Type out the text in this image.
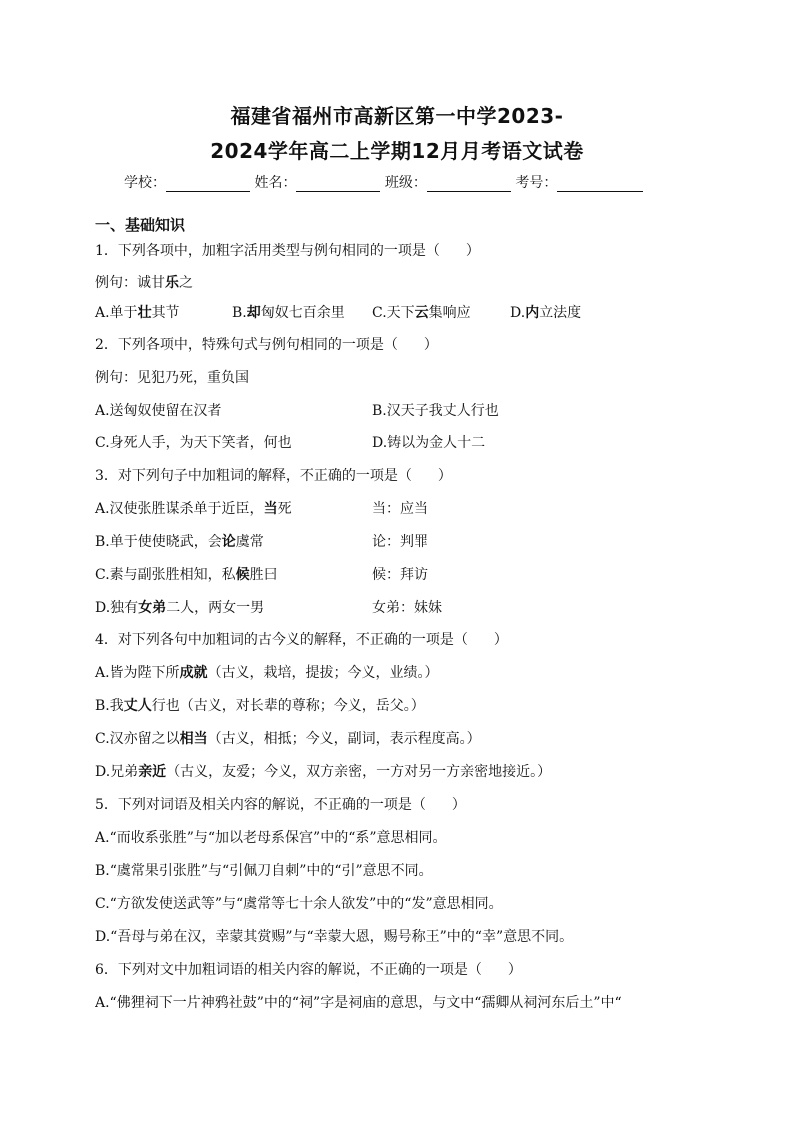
福建省福州市高新区第一中学2023-
2024学年高二上学期12月月考语文试卷
学校：	姓名：	班级：	考号：
一、基础知识
1．下列各项中，加粗字活用类型与例句相同的一项是（ ）
例句：诚甘乐之
A.单于壮其节	B.却匈奴七百余里 C.天下云集响应	D.内立法度
2．下列各项中，特殊句式与例句相同的一项是（ ）
例句：见犯乃死，重负国
A.送匈奴使留在汉者	B.汉天子我丈人行也
C.身死人手，为天下笑者，何也	D.铸以为金人十二
3．对下列句子中加粗词的解释，不正确的一项是（ ）
A.汉使张胜谋杀单于近臣，当死	当：应当
B.单于使使晓武，会论虞常	论：判罪
C.素与副张胜相知，私候胜曰	候：拜访
D.独有女弟二人，两女一男	女弟：妹妹
4．对下列各句中加粗词的古今义的解释，不正确的一项是（ ）
A.皆为陛下所成就（古义，栽培，提拔；今义，业绩。）
B.我丈人行也（古义，对长辈的尊称；今义，岳父。）
C.汉亦留之以相当（古义，相抵；今义，副词，表示程度高。）
D.兄弟亲近（古义，友爱；今义，双方亲密，一方对另一方亲密地接近。）
5．下列对词语及相关内容的解说，不正确的一项是（ ）
A.“而收系张胜”与“加以老母系保宫”中的“系”意思相同。
B.“虞常果引张胜”与“引佩刀自刺”中的“引”意思不同。
C.“方欲发使送武等”与“虞常等七十余人欲发”中的“发”意思相同。
D.“吾母与弟在汉，幸蒙其赏赐”与“幸蒙大恩，赐号称王”中的“幸”意思不同。
6．下列对文中加粗词语的相关内容的解说，不正确的一项是（ ）
A.“佛狸祠下一片神鸦社鼓”中的“祠”字是祠庙的意思，与文中“孺卿从祠河东后土”中“
